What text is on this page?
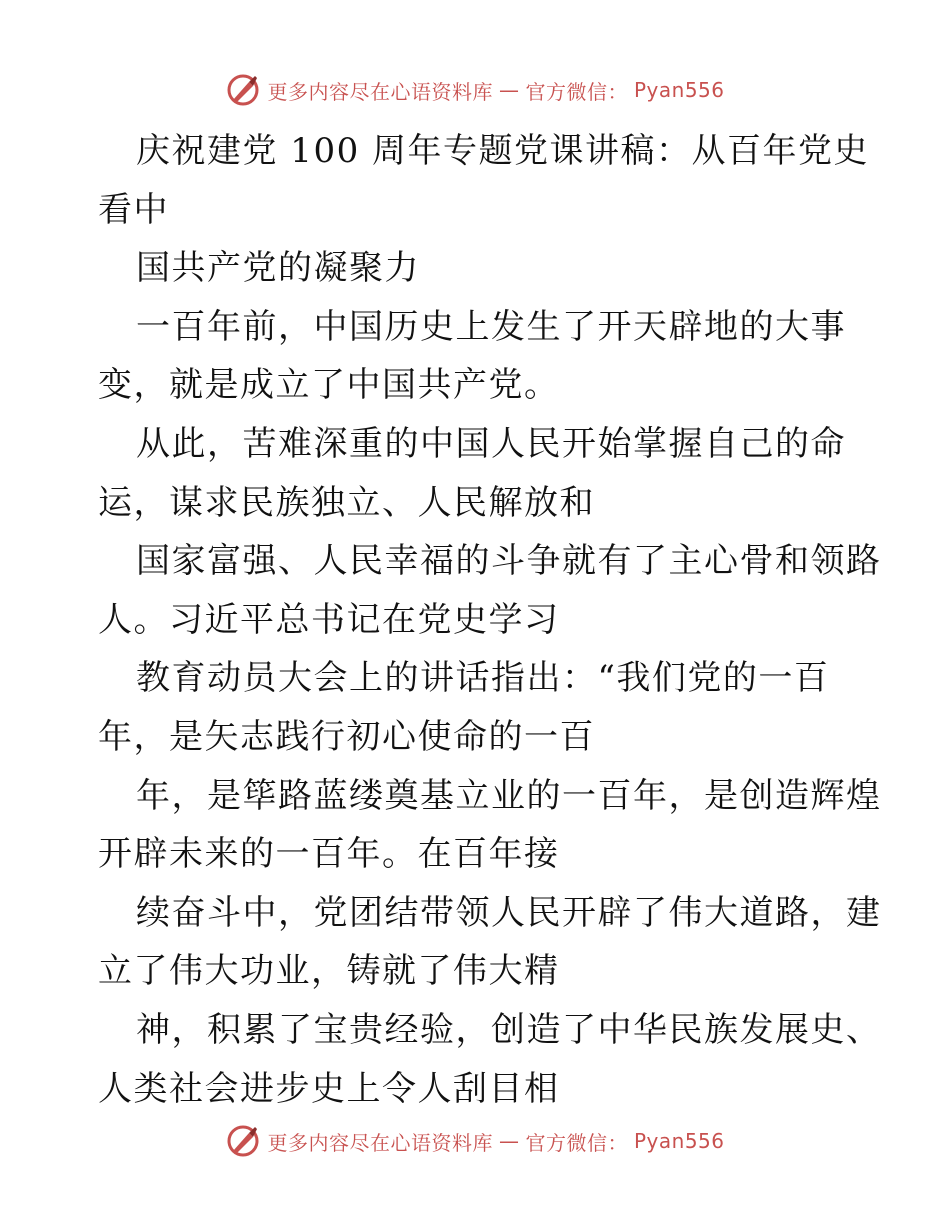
更多内容尽在心语资料库 — 官方微信： Pyan556
庆祝建党 100 周年专题党课讲稿：从百年党史
看中
国共产党的凝聚力
一百年前，中国历史上发生了开天辟地的大事
变，就是成立了中国共产党。
从此，苦难深重的中国人民开始掌握自己的命
运，谋求民族独立、人民解放和
国家富强、人民幸福的斗争就有了主心骨和领路
人。习近平总书记在党史学习
教育动员大会上的讲话指出：“我们党的一百
年，是矢志践行初心使命的一百
年，是筚路蓝缕奠基立业的一百年，是创造辉煌
开辟未来的一百年。在百年接
续奋斗中，党团结带领人民开辟了伟大道路，建
立了伟大功业，铸就了伟大精
神，积累了宝贵经验，创造了中华民族发展史、
人类社会进步史上令人刮目相
更多内容尽在心语资料库 — 官方微信： Pyan556
